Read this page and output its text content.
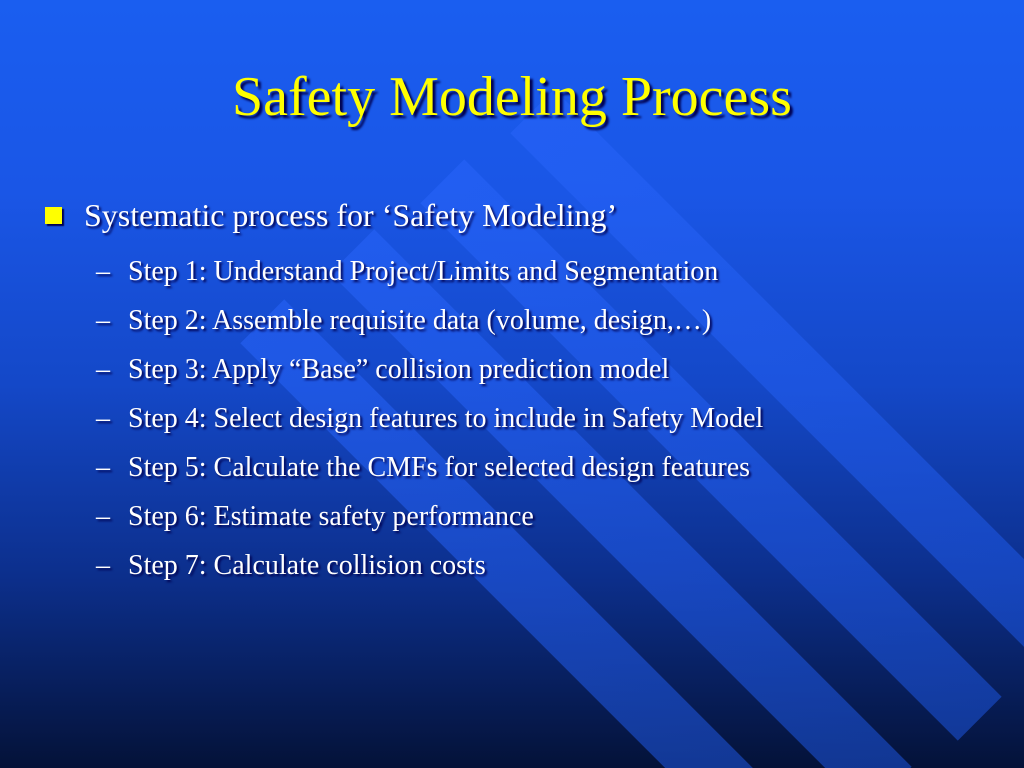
Safety Modeling Process
Systematic process for ‘Safety Modeling’
– Step 1: Understand Project/Limits and Segmentation
– Step 2: Assemble requisite data (volume, design,…)
– Step 3: Apply “Base” collision prediction model
– Step 4: Select design features to include in Safety Model
– Step 5: Calculate the CMFs for selected design features
– Step 6: Estimate safety performance
– Step 7: Calculate collision costs
